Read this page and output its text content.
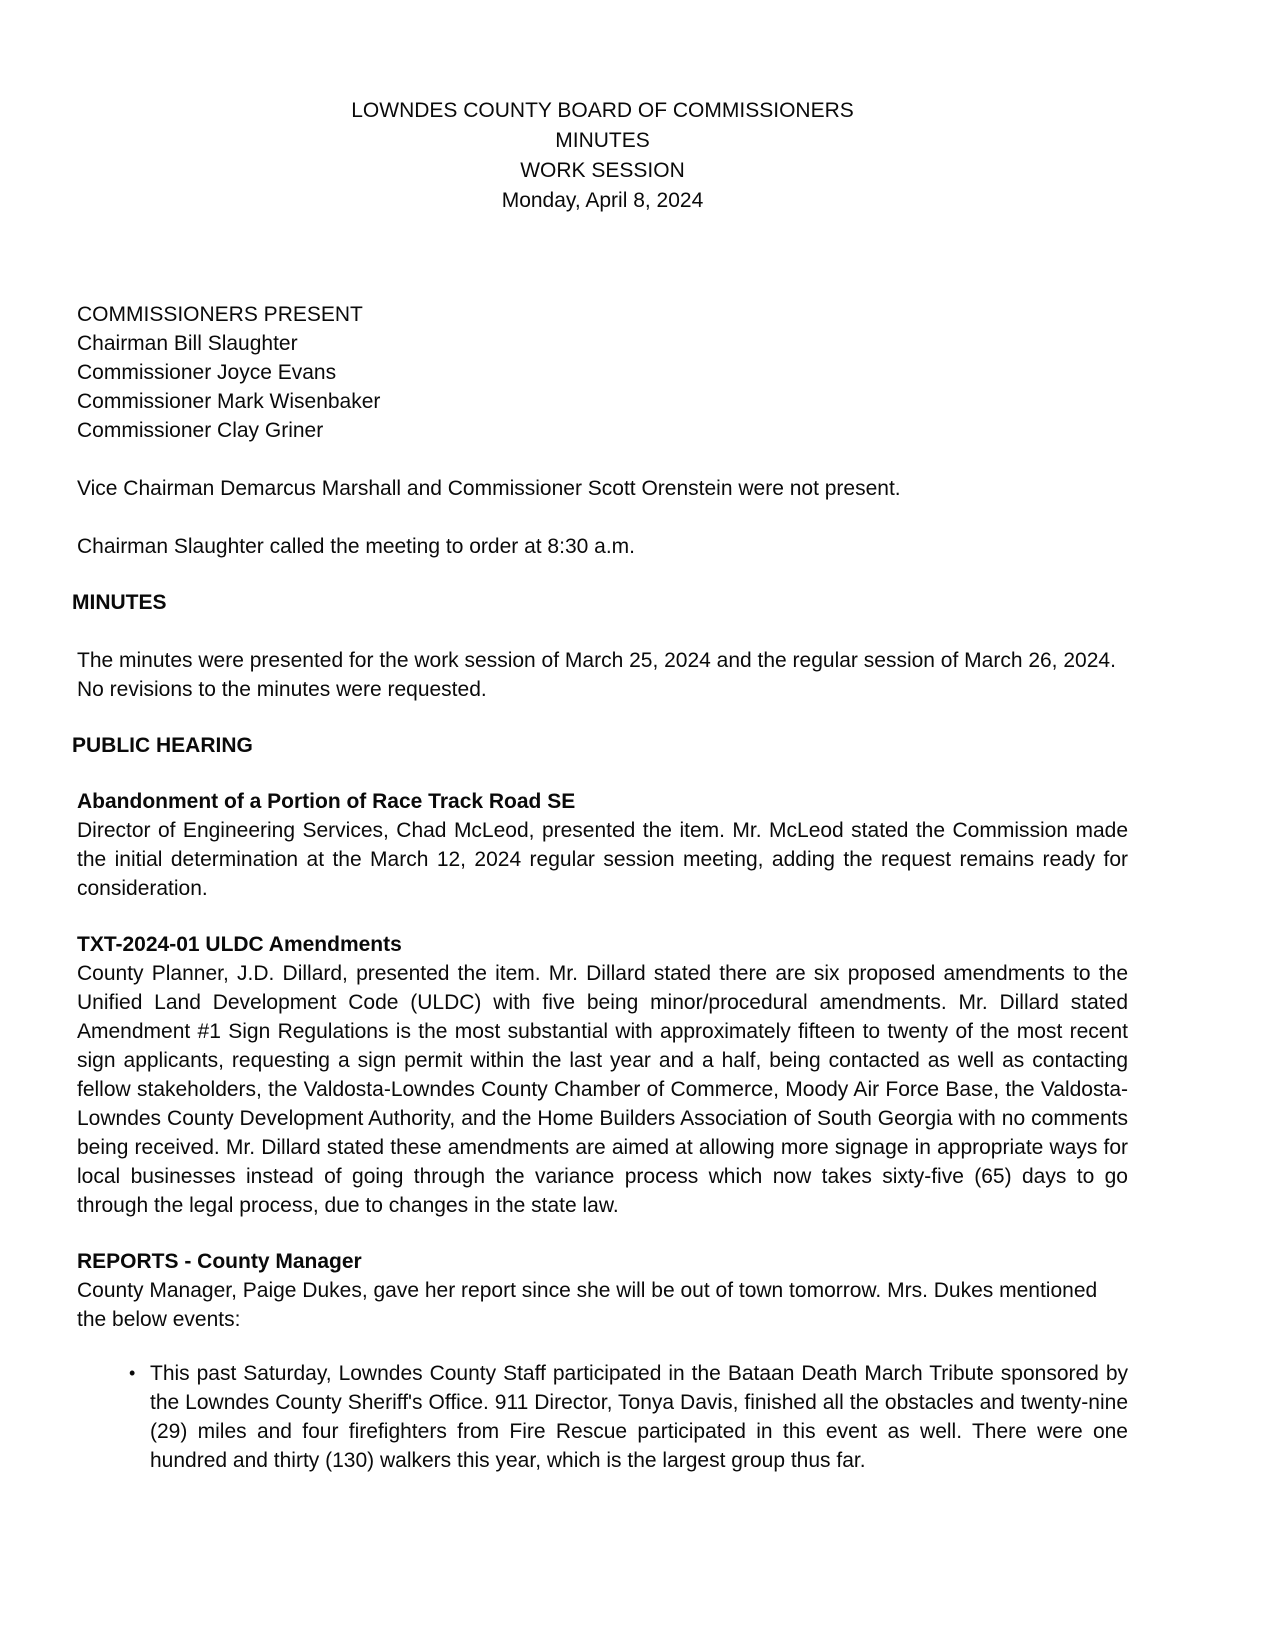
LOWNDES COUNTY BOARD OF COMMISSIONERS
MINUTES
WORK SESSION
Monday, April 8, 2024
COMMISSIONERS PRESENT
Chairman Bill Slaughter
Commissioner Joyce Evans
Commissioner Mark Wisenbaker
Commissioner Clay Griner

Vice Chairman Demarcus Marshall and Commissioner Scott Orenstein were not present.

Chairman Slaughter called the meeting to order at 8:30 a.m.

MINUTES

The minutes were presented for the work session of March 25, 2024 and the regular session of March 26, 2024. No revisions to the minutes were requested.

PUBLIC HEARING
Abandonment of a Portion of Race Track Road SE

Director of Engineering Services, Chad McLeod, presented the item. Mr. McLeod stated the Commission made the initial determination at the March 12, 2024 regular session meeting, adding the request remains ready for consideration.

TXT-2024-01 ULDC Amendments

County Planner, J.D. Dillard, presented the item. Mr. Dillard stated there are six proposed amendments to the Unified Land Development Code (ULDC) with five being minor/procedural amendments. Mr. Dillard stated Amendment #1 Sign Regulations is the most substantial with approximately fifteen to twenty of the most recent sign applicants, requesting a sign permit within the last year and a half, being contacted as well as contacting fellow stakeholders, the Valdosta-Lowndes County Chamber of Commerce, Moody Air Force Base, the Valdosta-Lowndes County Development Authority, and the Home Builders Association of South Georgia with no comments being received. Mr. Dillard stated these amendments are aimed at allowing more signage in appropriate ways for local businesses instead of going through the variance process which now takes sixty-five (65) days to go through the legal process, due to changes in the state law.

REPORTS - County Manager

County Manager, Paige Dukes, gave her report since she will be out of town tomorrow. Mrs. Dukes mentioned the below events:

• This past Saturday, Lowndes County Staff participated in the Bataan Death March Tribute sponsored by the Lowndes County Sheriff's Office. 911 Director, Tonya Davis, finished all the obstacles and twenty-nine (29) miles and four firefighters from Fire Rescue participated in this event as well. There were one hundred and thirty (130) walkers this year, which is the largest group thus far.
